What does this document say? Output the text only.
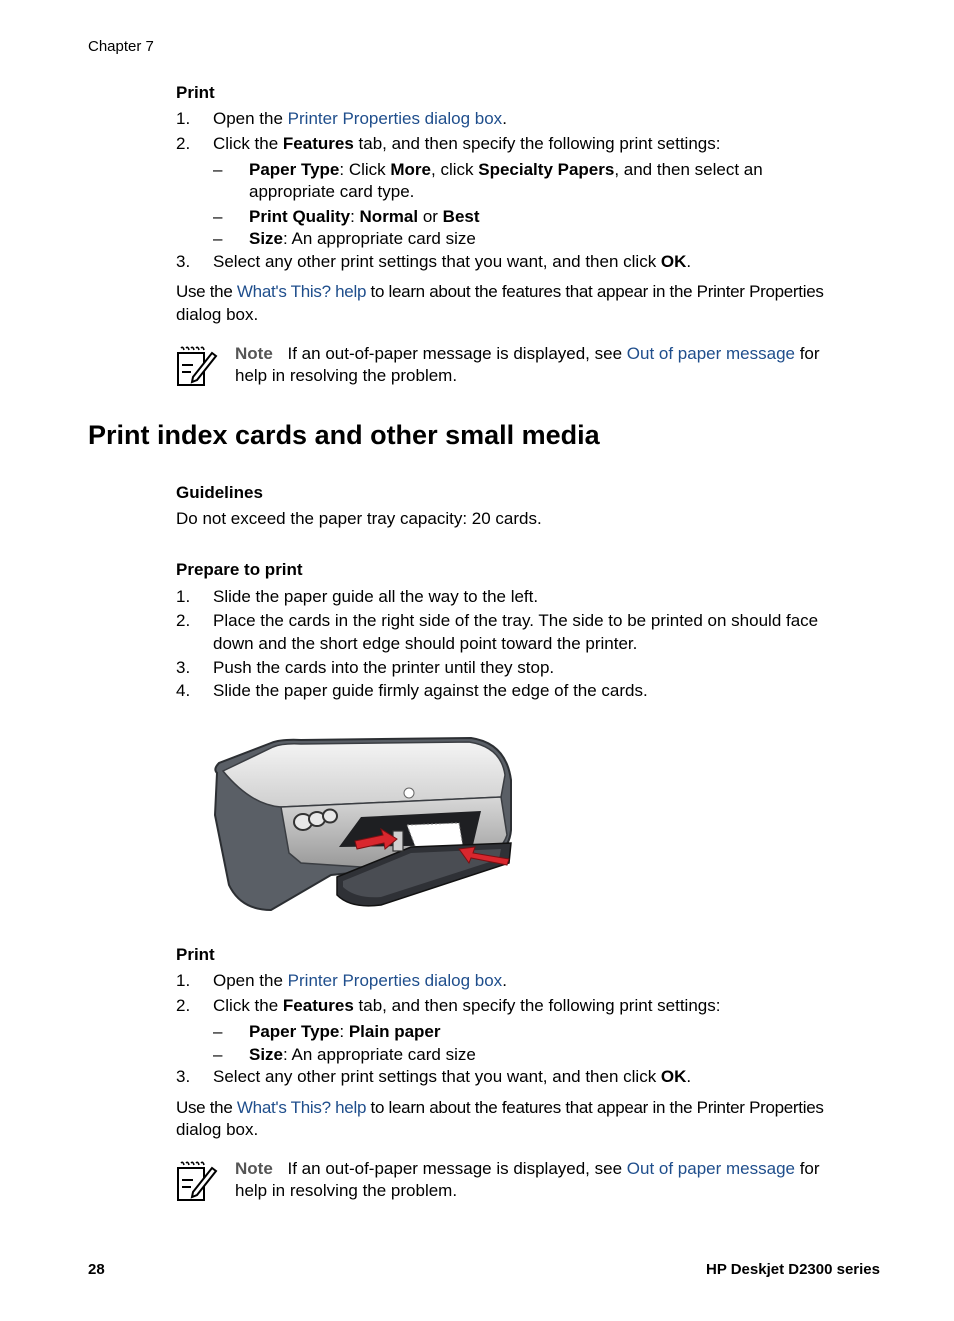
Chapter 7
Print
1. Open the Printer Properties dialog box.
2. Click the Features tab, and then specify the following print settings:
– Paper Type: Click More, click Specialty Papers, and then select an
appropriate card type.
– Print Quality: Normal or Best
– Size: An appropriate card size
3. Select any other print settings that you want, and then click OK.
Use the What's This? help to learn about the features that appear in the Printer Properties
dialog box.
Note If an out-of-paper message is displayed, see Out of paper message for
help in resolving the problem.
Print index cards and other small media
Guidelines
Do not exceed the paper tray capacity: 20 cards.
Prepare to print
1. Slide the paper guide all the way to the left.
2. Place the cards in the right side of the tray. The side to be printed on should face
down and the short edge should point toward the printer.
3. Push the cards into the printer until they stop.
4. Slide the paper guide firmly against the edge of the cards.
Print
1. Open the Printer Properties dialog box.
2. Click the Features tab, and then specify the following print settings:
– Paper Type: Plain paper
– Size: An appropriate card size
3. Select any other print settings that you want, and then click OK.
Use the What's This? help to learn about the features that appear in the Printer Properties
dialog box.
Note If an out-of-paper message is displayed, see Out of paper message for
help in resolving the problem.
28	HP Deskjet D2300 series
